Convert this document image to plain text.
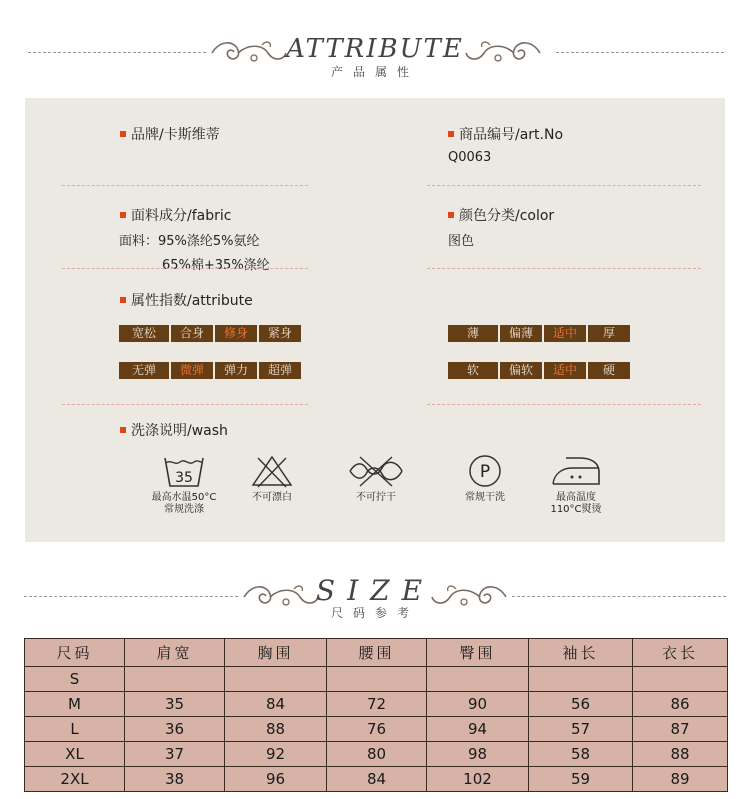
ATTRIBUTE
产品属性
品牌/卡斯维蒂	商品编号/art.No
Q0063
面料成分/fabric
面料：95%涤纶5%氨纶
65%棉+35%涤纶
颜色分类/color
图色
属性指数/attribute
宽松	合身	修身	紧身
无弹	微弹	弹力	超弹
薄	偏薄	适中	厚
软	偏软	适中	硬
洗涤说明/wash
35
最高水温50°C
常规洗涤
不可漂白	不可拧干
P
常规干洗	最高温度
110°C熨烫
SIZE
尺码参考
尺码	肩宽	胸围	腰围	臀围	袖长	衣长
S						
M	35	84	72	90	56	86
L	36	88	76	94	57	87
XL	37	92	80	98	58	88
2XL	38	96	84	102	59	89
